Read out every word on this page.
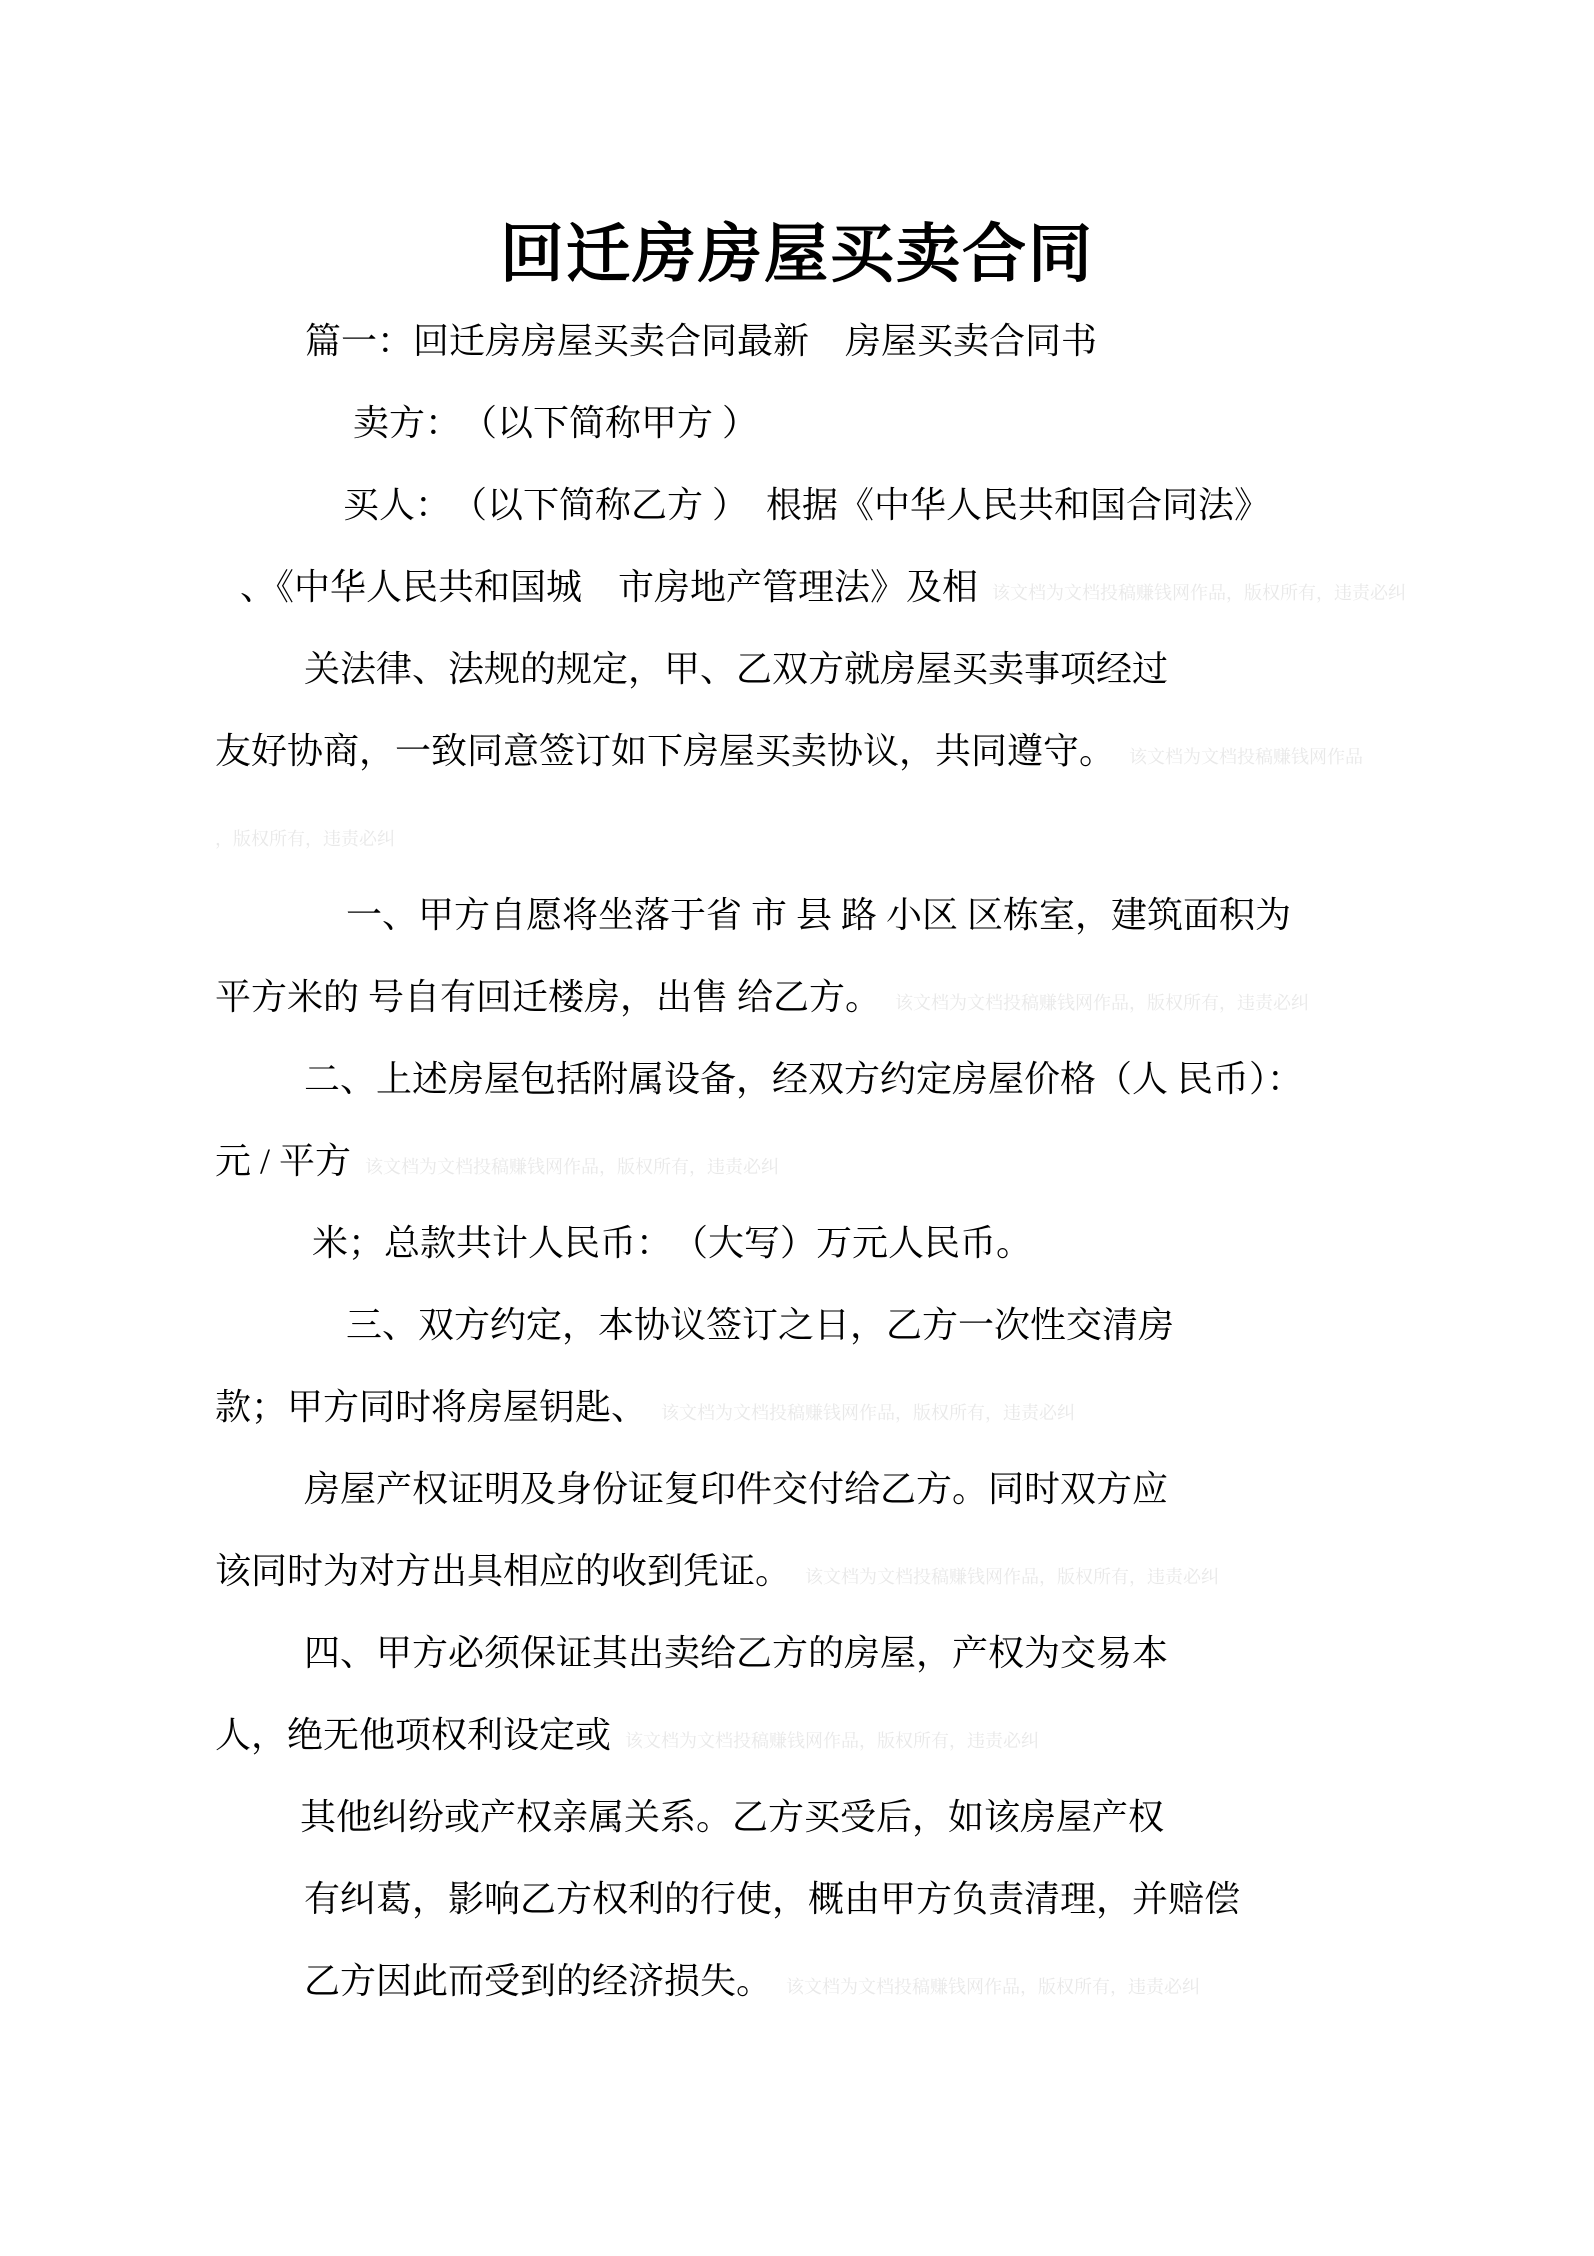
回迁房房屋买卖合同
篇一：回迁房房屋买卖合同最新　房屋买卖合同书
卖方：　（以下简称甲方 ）
买人：　（以下简称乙方 ）　根据《中华人民共和国合同法》
、《中华人民共和国城　市房地产管理法》及相 该文档为文档投稿赚钱网作品，版权所有，违责必纠
关法律、法规的规定，甲、乙双方就房屋买卖事项经过
友好协商，一致同意签订如下房屋买卖协议，共同遵守。 该文档为文档投稿赚钱网作品
，版权所有，违责必纠
一、甲方自愿将坐落于省 市 县 路 小区 区栋室，建筑面积为
平方米的 号自有回迁楼房，出售 给乙方。 该文档为文档投稿赚钱网作品，版权所有，违责必纠
二、上述房屋包括附属设备，经双方约定房屋价格（人 民币）：
元 / 平方 该文档为文档投稿赚钱网作品，版权所有，违责必纠
米；总款共计人民币：　（大写）万元人民币。
三、双方约定，本协议签订之日，乙方一次性交清房
款；甲方同时将房屋钥匙、 该文档为文档投稿赚钱网作品，版权所有，违责必纠
房屋产权证明及身份证复印件交付给乙方。同时双方应
该同时为对方出具相应的收到凭证。 该文档为文档投稿赚钱网作品，版权所有，违责必纠
四、甲方必须保证其出卖给乙方的房屋，产权为交易本
人，绝无他项权利设定或 该文档为文档投稿赚钱网作品，版权所有，违责必纠
其他纠纷或产权亲属关系。乙方买受后，如该房屋产权
有纠葛，影响乙方权利的行使，概由甲方负责清理，并赔偿
乙方因此而受到的经济损失。 该文档为文档投稿赚钱网作品，版权所有，违责必纠
